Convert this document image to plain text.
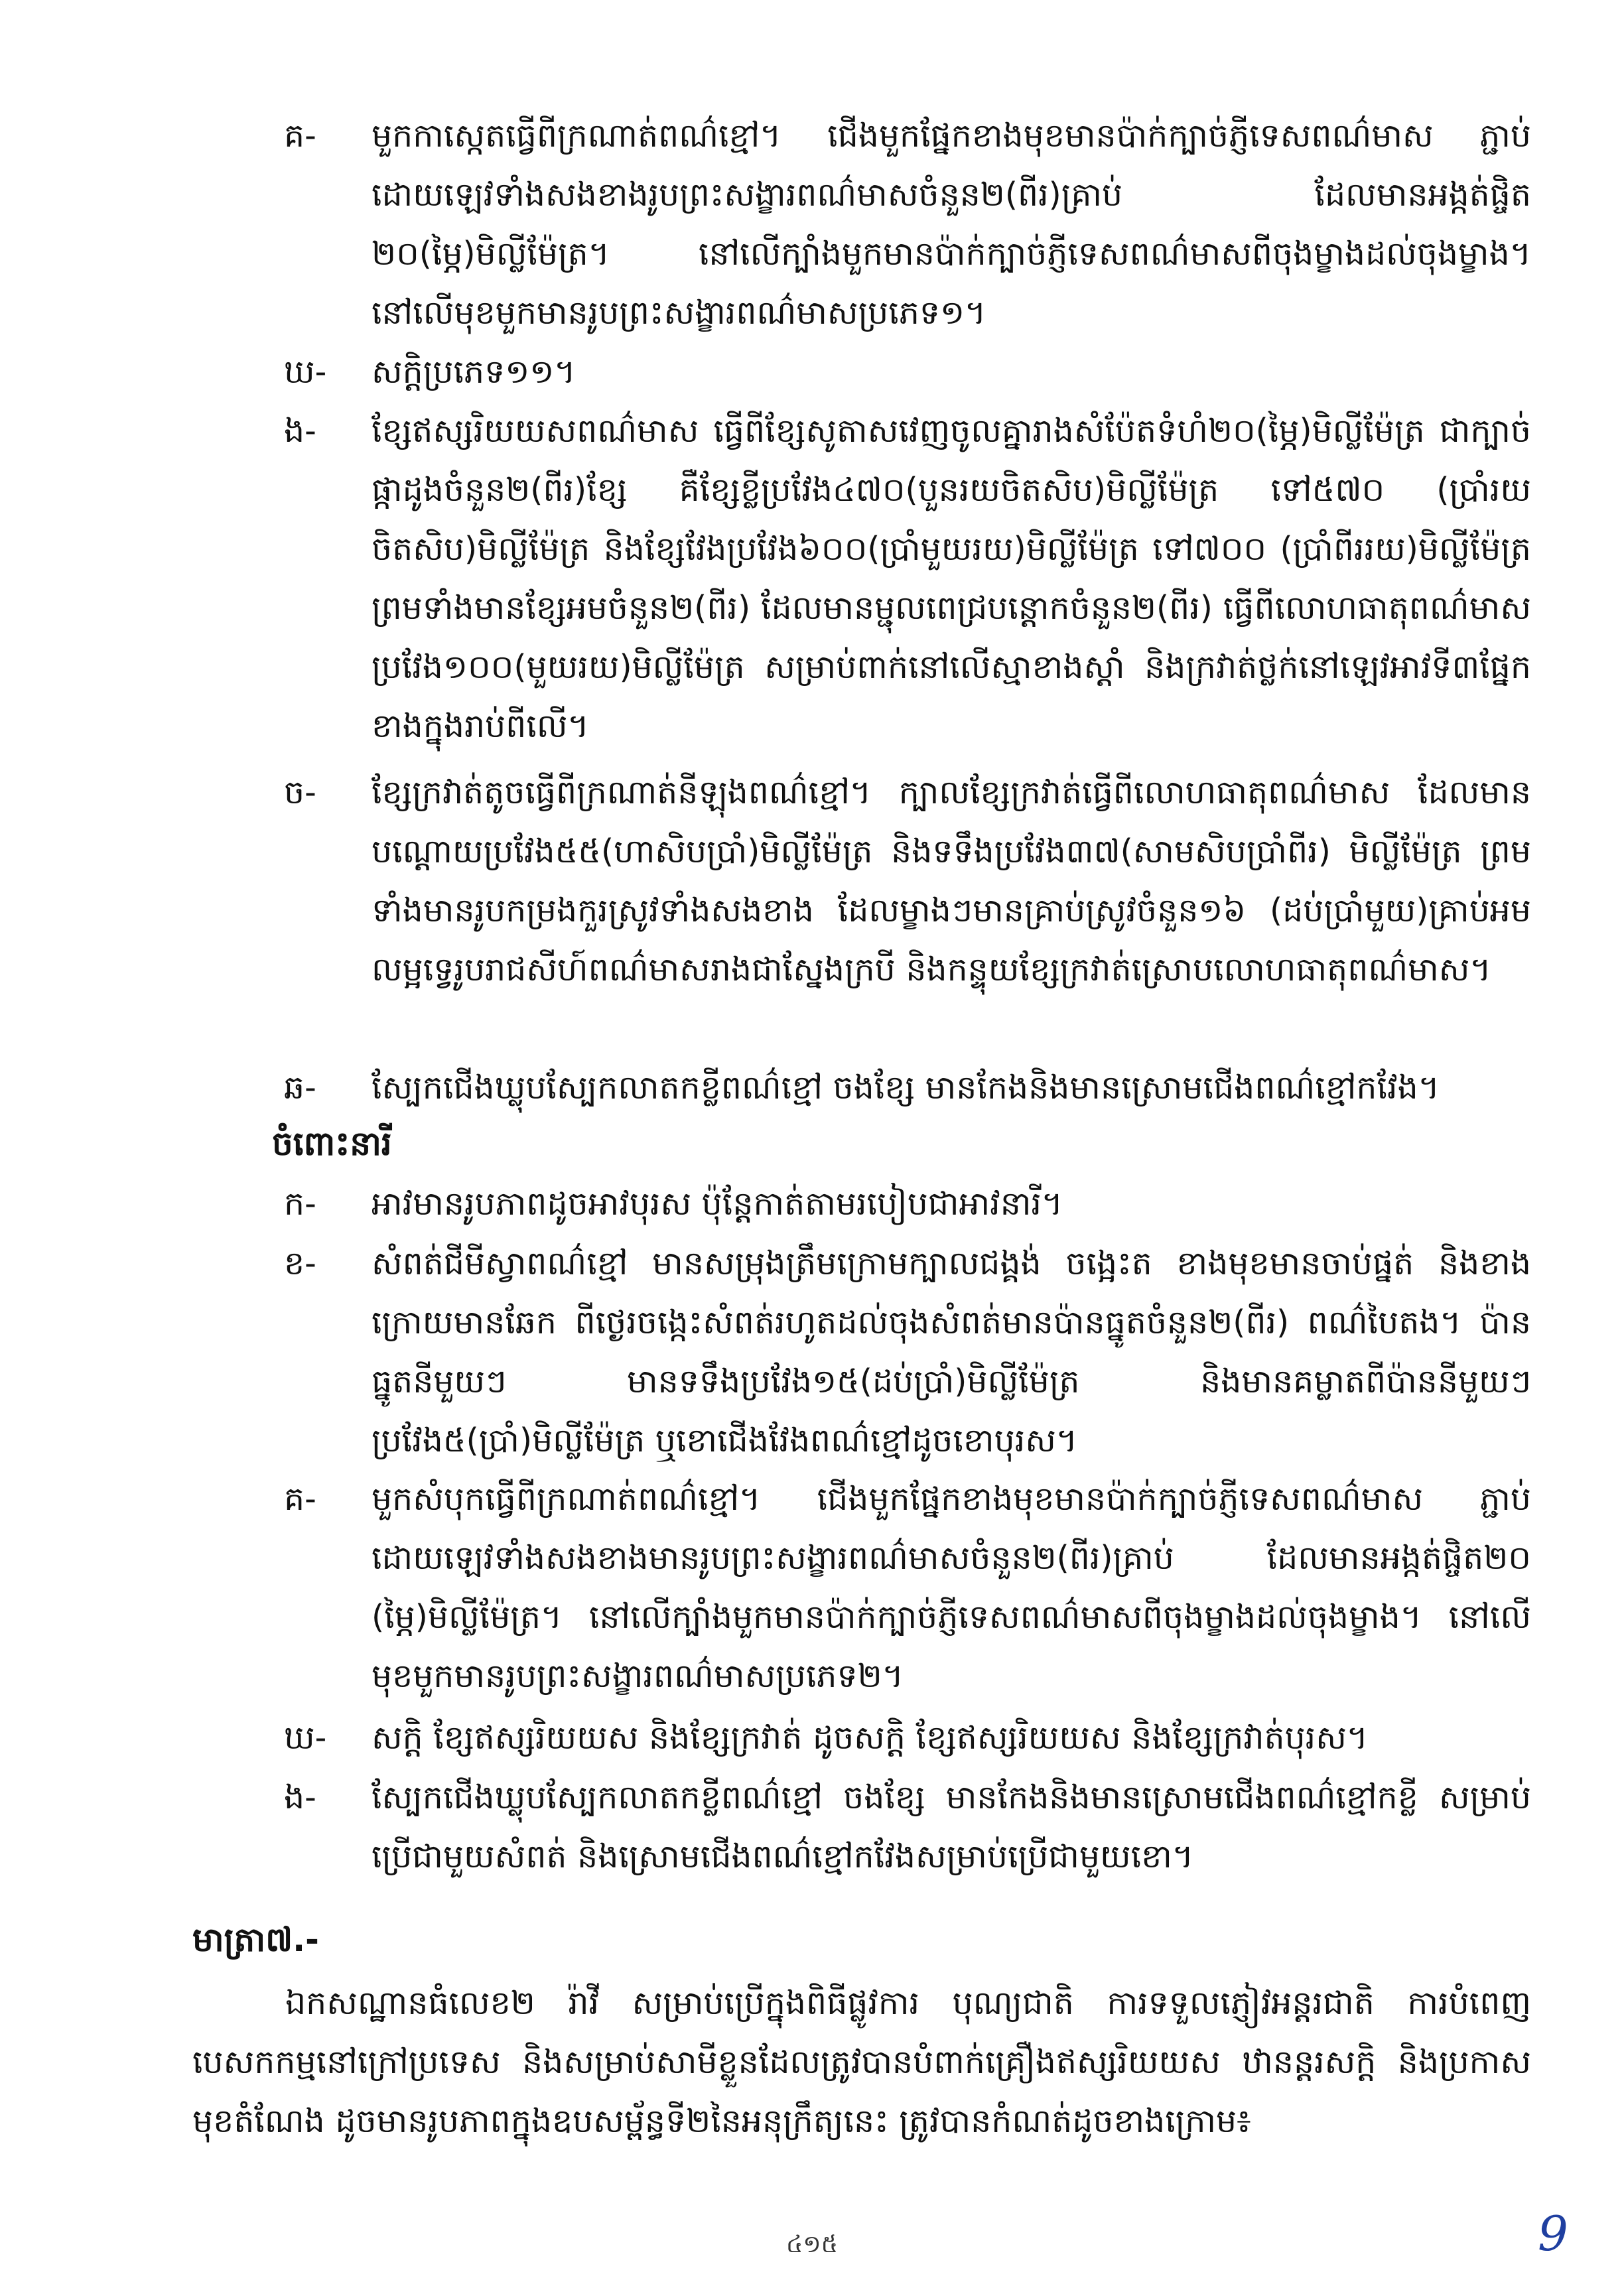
គ-	មួកកាស្កេតធ្វើពីក្រណាត់ពណ៌ខ្មៅ។ ជើងមួកផ្នែកខាងមុខមានប៉ាក់ក្បាច់ភ្ញីទេសពណ៌មាស ភ្ជាប់ដោយឡេវទាំងសងខាងរូបព្រះសង្ខារពណ៌មាសចំនួន២(ពីរ)គ្រាប់ ដែលមានអង្កត់ផ្ចិត ២០(ម្ភៃ)មិល្លីម៉ែត្រ។ នៅលើក្បាំងមួកមានប៉ាក់ក្បាច់ភ្ញីទេសពណ៌មាសពីចុងម្ខាងដល់ចុងម្ខាង។ នៅលើមុខមួកមានរូបព្រះសង្ខារពណ៌មាសប្រភេទ១។
ឃ-	សក្តិប្រភេទ១១។
ង-	ខ្សែឥស្សរិយយសពណ៌មាស ធ្វើពីខ្សែសូតាសវេញចូលគ្នារាងសំប៉ែតទំហំ២០(ម្ភៃ)មិល្លីម៉ែត្រ ជាក្បាច់ផ្កាដូងចំនួន២(ពីរ)ខ្សែ គឺខ្សែខ្លីប្រវែង៤៧០(បួនរយចិតសិប)មិល្លីម៉ែត្រ ទៅ៥៧០ (ប្រាំរយចិតសិប)មិល្លីម៉ែត្រ និងខ្សែវែងប្រវែង៦០០(ប្រាំមួយរយ)មិល្លីម៉ែត្រ ទៅ៧០០ (ប្រាំពីររយ)មិល្លីម៉ែត្រ ព្រមទាំងមានខ្សែអមចំនួន២(ពីរ) ដែលមានម្ជុលពេជ្របន្តោកចំនួន២(ពីរ) ធ្វើពីលោហធាតុពណ៌មាសប្រវែង១០០(មួយរយ)មិល្លីម៉ែត្រ សម្រាប់ពាក់នៅលើស្មាខាងស្តាំ និងក្រវាត់ថ្លក់នៅឡេវអាវទី៣ផ្នែកខាងក្នុងរាប់ពីលើ។
ច-	ខ្សែក្រវាត់តូចធ្វើពីក្រណាត់នីឡុងពណ៌ខ្មៅ។ ក្បាលខ្សែក្រវាត់ធ្វើពីលោហធាតុពណ៌មាស ដែលមានបណ្តោយប្រវែង៥៥(ហាសិបប្រាំ)មិល្លីម៉ែត្រ និងទទឹងប្រវែង៣៧(សាមសិបប្រាំពីរ) មិល្លីម៉ែត្រ ព្រមទាំងមានរូបកម្រងកួរស្រូវទាំងសងខាង ដែលម្ខាងៗមានគ្រាប់ស្រូវចំនួន១៦ (ដប់ប្រាំមួយ)គ្រាប់អមលម្អទ្វេរូបរាជសីហ៍ពណ៌មាសរាងជាស្នែងក្របី និងកន្ទុយខ្សែក្រវាត់ស្រោបលោហធាតុពណ៌មាស។
ឆ-	ស្បែកជើងឃ្លុបស្បែកលាតកខ្លីពណ៌ខ្មៅ ចងខ្សែ មានកែងនិងមានស្រោមជើងពណ៌ខ្មៅកវែង។
ចំពោះនារី
ក-	អាវមានរូបភាពដូចអាវបុរស ប៉ុន្តែកាត់តាមរបៀបជាអាវនារី។
ខ-	សំពត់ជីមីស្វាពណ៌ខ្មៅ មានសម្រុងត្រឹមក្រោមក្បាលជង្គង់ ចង្អេះត ខាងមុខមានចាប់ផ្នត់ និងខាងក្រោយមានឆែក ពីថ្ងេរចង្កេះសំពត់រហូតដល់ចុងសំពត់មានប៉ានធ្នូតចំនួន២(ពីរ) ពណ៌បៃតង។ ប៉ានធ្នូតនីមួយៗ មានទទឹងប្រវែង១៥(ដប់ប្រាំ)មិល្លីម៉ែត្រ និងមានគម្លាតពីប៉ាននីមួយៗប្រវែង៥(ប្រាំ)មិល្លីម៉ែត្រ ឬខោជើងវែងពណ៌ខ្មៅដូចខោបុរស។
គ-	មួកសំបុកធ្វើពីក្រណាត់ពណ៌ខ្មៅ។ ជើងមួកផ្នែកខាងមុខមានប៉ាក់ក្បាច់ភ្ញីទេសពណ៌មាស ភ្ជាប់ដោយឡេវទាំងសងខាងមានរូបព្រះសង្ខារពណ៌មាសចំនួន២(ពីរ)គ្រាប់ ដែលមានអង្កត់ផ្ចិត២០ (ម្ភៃ)មិល្លីម៉ែត្រ។ នៅលើក្បាំងមួកមានប៉ាក់ក្បាច់ភ្ញីទេសពណ៌មាសពីចុងម្ខាងដល់ចុងម្ខាង។ នៅលើមុខមួកមានរូបព្រះសង្ខារពណ៌មាសប្រភេទ២។
ឃ-	សក្តិ ខ្សែឥស្សរិយយស និងខ្សែក្រវាត់ ដូចសក្តិ ខ្សែឥស្សរិយយស និងខ្សែក្រវាត់បុរស។
ង-	ស្បែកជើងឃ្លុបស្បែកលាតកខ្លីពណ៌ខ្មៅ ចងខ្សែ មានកែងនិងមានស្រោមជើងពណ៌ខ្មៅកខ្លី សម្រាប់ប្រើជាមួយសំពត់ និងស្រោមជើងពណ៌ខ្មៅកវែងសម្រាប់ប្រើជាមួយខោ។
មាត្រា៧.-
ឯកសណ្ឋានធំលេខ២ រ៉ាវី សម្រាប់ប្រើក្នុងពិធីផ្លូវការ បុណ្យជាតិ ការទទួលភ្ញៀវអន្តរជាតិ ការបំពេញបេសកកម្មនៅក្រៅប្រទេស និងសម្រាប់សាមីខ្លួនដែលត្រូវបានបំពាក់គ្រឿងឥស្សរិយយស ឋានន្តរសក្តិ និងប្រកាសមុខតំណែង ដូចមានរូបភាពក្នុងឧបសម្ព័ន្ធទី២នៃអនុក្រឹត្យនេះ ត្រូវបានកំណត់ដូចខាងក្រោម៖
៤១៥	9
